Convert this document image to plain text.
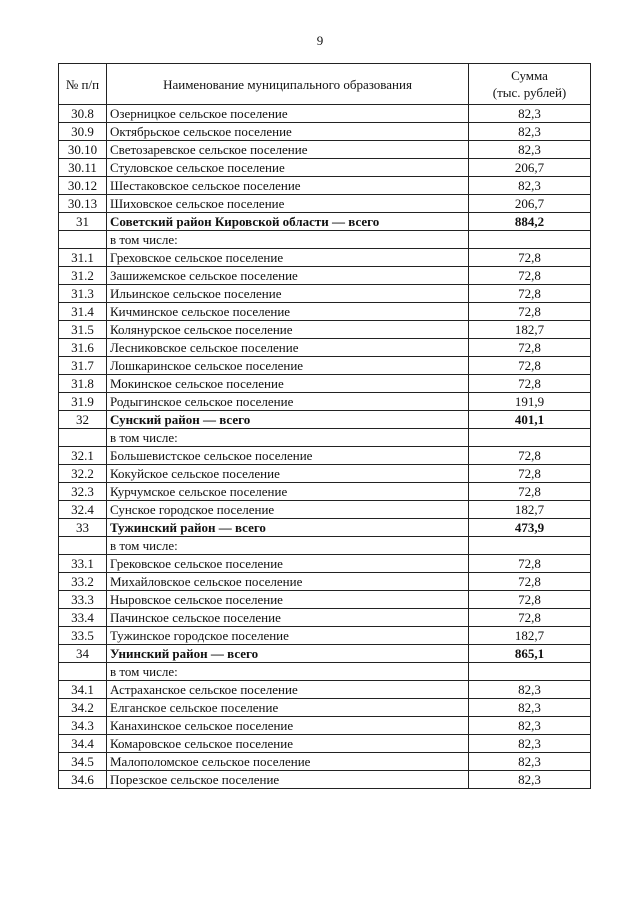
9
№ п/п	Наименование муниципального образования	Сумма
(тыс. рублей)

30.8	Озерницкое сельское поселение	82,3
30.9	Октябрьское сельское поселение	82,3
30.10	Светозаревское сельское поселение	82,3
30.11	Стуловское сельское поселение	206,7
30.12	Шестаковское сельское поселение	82,3
30.13	Шиховское сельское поселение	206,7
31	Советский район Кировской области — всего	884,2
	в том числе:	
31.1	Греховское сельское поселение	72,8
31.2	Зашижемское сельское поселение	72,8
31.3	Ильинское сельское поселение	72,8
31.4	Кичминское сельское поселение	72,8
31.5	Колянурское сельское поселение	182,7
31.6	Лесниковское сельское поселение	72,8
31.7	Лошкаринское сельское поселение	72,8
31.8	Мокинское сельское поселение	72,8
31.9	Родыгинское сельское поселение	191,9
32	Сунский район — всего	401,1
	в том числе:	
32.1	Большевистское сельское поселение	72,8
32.2	Кокуйское сельское поселение	72,8
32.3	Курчумское сельское поселение	72,8
32.4	Сунское городское поселение	182,7
33	Тужинский район — всего	473,9
	в том числе:	
33.1	Грековское сельское поселение	72,8
33.2	Михайловское сельское поселение	72,8
33.3	Ныровское сельское поселение	72,8
33.4	Пачинское сельское поселение	72,8
33.5	Тужинское городское поселение	182,7
34	Унинский район — всего	865,1
	в том числе:	
34.1	Астраханское сельское поселение	82,3
34.2	Елганское сельское поселение	82,3
34.3	Канахинское сельское поселение	82,3
34.4	Комаровское сельское поселение	82,3
34.5	Малополомское сельское поселение	82,3
34.6	Порезское сельское поселение	82,3
